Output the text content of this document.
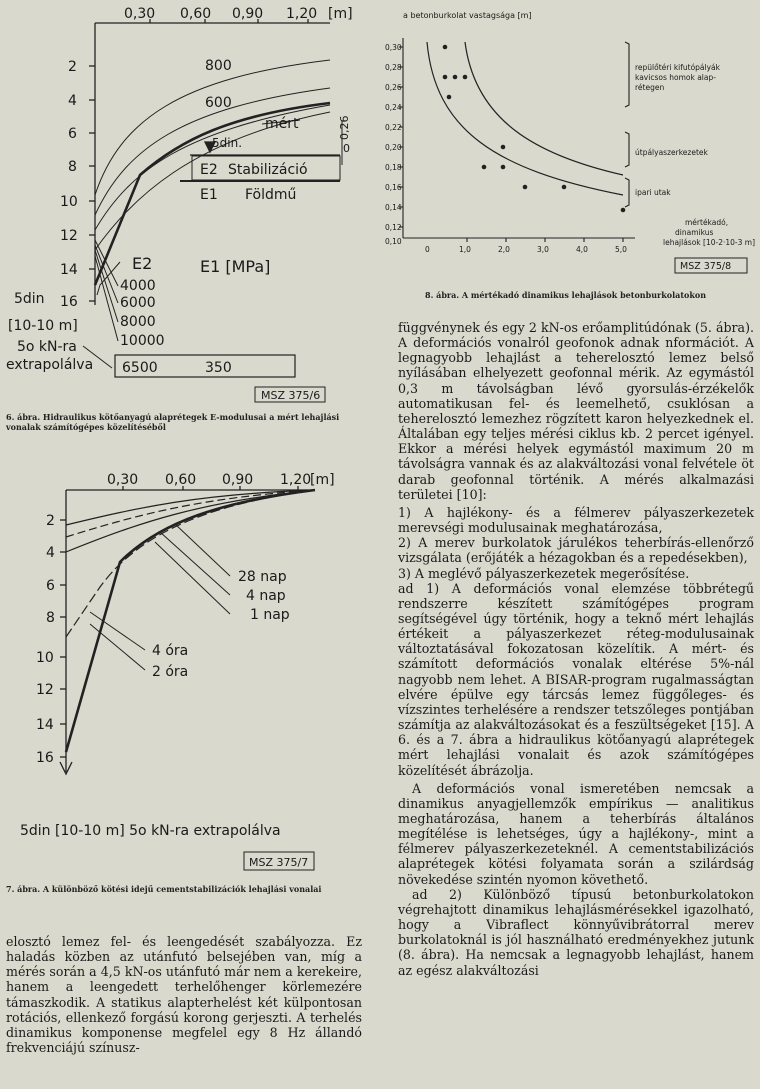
0,30 0,60 0,90 1,20 [m]
2
4
6
8
10
12
14
16
800
600
mért
5din.
0,26
0
E2 Stabilizáció
E1 Földmű
E2	E1 [MPa]
4000
6000
8000
10000
5din
[10-10 m]
5o kN-ra
extrapolálva 6500	350
MSZ 375/6
6. ábra. Hidraulikus kötőanyagú alaprétegek E-modulusai a mért lehajlási vonalak számítógépes közelítéséből
0,30 0,60 0,90 1,20
[m]
2
4
6
8
10
12
14
16
28 nap
4 nap
1 nap
4 óra
2 óra
5din [10-10 m] 5o kN-ra extrapolálva
MSZ 375/7
7. ábra. A különböző kötési idejű cementstabilizációk lehajlási vonalai
a betonburkolat vastagsága [m]
0,30
0,28
0,26
0,24
0,22
0,20
0,18
0,16
0,14
0,12
0,10
0	1,0	2,0	3,0	4,0	5,0
repülőtéri kifutópályák kavicsos homok alap- rétegen
útpályaszerkezetek
ipari utak
mértékadó, dinamikus lehajlások [10-2·10-3 m]
MSZ 375/8
8. ábra. A mértékadó dinamikus lehajlások betonburkolatokon

elosztó lemez fel- és leengedését szabályozza. Ez haladás közben az utánfutó belsejében van, míg a mérés során a 4,5 kN-os utánfutó már nem a kerekeire, hanem a leengedett terhelőhenger körlemezére támaszkodik. A statikus alapterhelést két külpontosan rotációs, ellenkező forgású korong gerjeszti. A terhelés dinamikus komponense megfelel egy 8 Hz állandó frekvenciájú színusz-

függvénynek és egy 2 kN-os erőamplitúdónak (5. ábra). A deformációs vonalról geofonok adnak nformációt. A legnagyobb lehajlást a teherelosztó lemez belső nyílásában elhelyezett geofonnal mérik. Az egymástól 0,3 m távolságban lévő gyorsulás-érzékelők automatikusan fel- és leemelhető, csuklósan a teherelosztó lemezhez rögzített karon helyezkednek el. Általában egy teljes mérési ciklus kb. 2 percet igényel. Ekkor a mérési helyek egymástól maximum 20 m távolságra vannak és az alakváltozási vonal felvétele öt darab geofonnal történik. A mérés alkalmazási területei [10]:

1) A hajlékony- és a félmerev pályaszerkezetek merevségi modulusainak meghatározása,

2) A merev burkolatok járulékos teherbírás-ellenőrző vizsgálata (erőjáték a hézagokban és a repedésekben),

3) A meglévő pályaszerkezetek megerősítése.

ad 1) A deformációs vonal elemzése többrétegű rendszerre készített számítógépes program segítségével úgy történik, hogy a teknő mért lehajlás értékeit a pályaszerkezet réteg-modulusainak változtatásával fokozatosan közelítik. A mért- és számított deformációs vonalak eltérése 5%-nál nagyobb nem lehet. A BISAR-program rugalmasságtan elvére épülve egy tárcsás lemez függőleges- és vízszintes terhelésére a rendszer tetszőleges pontjában számítja az alakváltozásokat és a feszültségeket [15]. A 6. és a 7. ábra a hidraulikus kötőanyagú alaprétegek mért lehajlási vonalait és azok számítógépes közelítését ábrázolja.

A deformációs vonal ismeretében nemcsak a dinamikus anyagjellemzők empírikus — analitikus meghatározása, hanem a teherbírás általános megítélése is lehetséges, úgy a hajlékony-, mint a félmerev pályaszerkezeteknél. A cementstabilizációs alaprétegek kötési folyamata során a szilárdság növekedése szintén nyomon követhető.

ad 2) Különböző típusú betonburkolatokon végrehajtott dinamikus lehajlásmérésekkel igazolható, hogy a Vibraflect könnyűvibrátorral merev burkolatoknál is jól használható eredményekhez jutunk (8. ábra). Ha nemcsak a legnagyobb lehajlást, hanem az egész alakváltozási
